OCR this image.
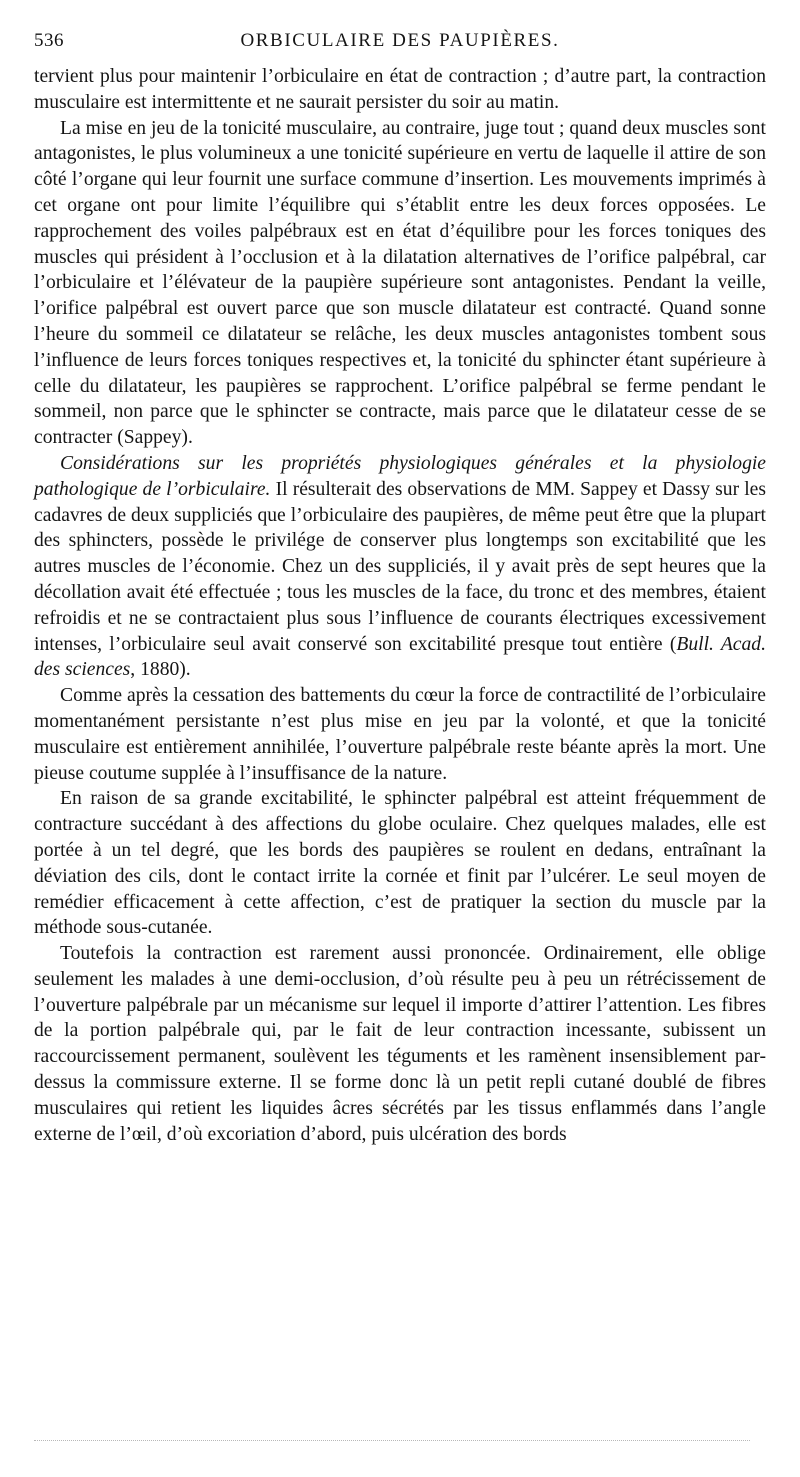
536	ORBICULAIRE DES PAUPIÈRES.

tervient plus pour maintenir l’orbiculaire en état de contraction ; d’autre part, la contraction musculaire est intermittente et ne saurait persister du soir au matin.

La mise en jeu de la tonicité musculaire, au contraire, juge tout ; quand deux muscles sont antagonistes, le plus volumineux a une tonicité supérieure en vertu de laquelle il attire de son côté l’organe qui leur fournit une surface commune d’insertion. Les mouvements imprimés à cet organe ont pour limite l’équilibre qui s’établit entre les deux forces opposées. Le rapprochement des voiles palpébraux est en état d’équilibre pour les forces toniques des muscles qui président à l’occlusion et à la dilatation alternatives de l’orifice palpébral, car l’orbiculaire et l’élévateur de la paupière supérieure sont antagonistes. Pendant la veille, l’orifice palpébral est ouvert parce que son muscle dilatateur est contracté. Quand sonne l’heure du sommeil ce dilatateur se relâche, les deux muscles antagonistes tombent sous l’influence de leurs forces toniques respectives et, la tonicité du sphincter étant supérieure à celle du dilatateur, les paupières se rapprochent. L’orifice palpébral se ferme pendant le sommeil, non parce que le sphincter se contracte, mais parce que le dilatateur cesse de se contracter (Sappey).

Considérations sur les propriétés physiologiques générales et la physiologie pathologique de l’orbiculaire. Il résulterait des observations de MM. Sappey et Dassy sur les cadavres de deux suppliciés que l’orbiculaire des paupières, de même peut être que la plupart des sphincters, possède le privilége de conserver plus longtemps son excitabilité que les autres muscles de l’économie. Chez un des suppliciés, il y avait près de sept heures que la décollation avait été effectuée ; tous les muscles de la face, du tronc et des membres, étaient refroidis et ne se contractaient plus sous l’influence de courants électriques excessivement intenses, l’orbiculaire seul avait conservé son excitabilité presque tout entière (Bull. Acad. des sciences, 1880).

Comme après la cessation des battements du cœur la force de contractilité de l’orbiculaire momentanément persistante n’est plus mise en jeu par la volonté, et que la tonicité musculaire est entièrement annihilée, l’ouverture palpébrale reste béante après la mort. Une pieuse coutume supplée à l’insuffisance de la nature.

En raison de sa grande excitabilité, le sphincter palpébral est atteint fréquemment de contracture succédant à des affections du globe oculaire. Chez quelques malades, elle est portée à un tel degré, que les bords des paupières se roulent en dedans, entraînant la déviation des cils, dont le contact irrite la cornée et finit par l’ulcérer. Le seul moyen de remédier efficacement à cette affection, c’est de pratiquer la section du muscle par la méthode sous-cutanée.

Toutefois la contraction est rarement aussi prononcée. Ordinairement, elle oblige seulement les malades à une demi-occlusion, d’où résulte peu à peu un rétrécissement de l’ouverture palpébrale par un mécanisme sur lequel il importe d’attirer l’attention. Les fibres de la portion palpébrale qui, par le fait de leur contraction incessante, subissent un raccourcissement permanent, soulèvent les téguments et les ramènent insensiblement par-dessus la commissure externe. Il se forme donc là un petit repli cutané doublé de fibres musculaires qui retient les liquides âcres sécrétés par les tissus enflammés dans l’angle externe de l’œil, d’où excoriation d’abord, puis ulcération des bords
